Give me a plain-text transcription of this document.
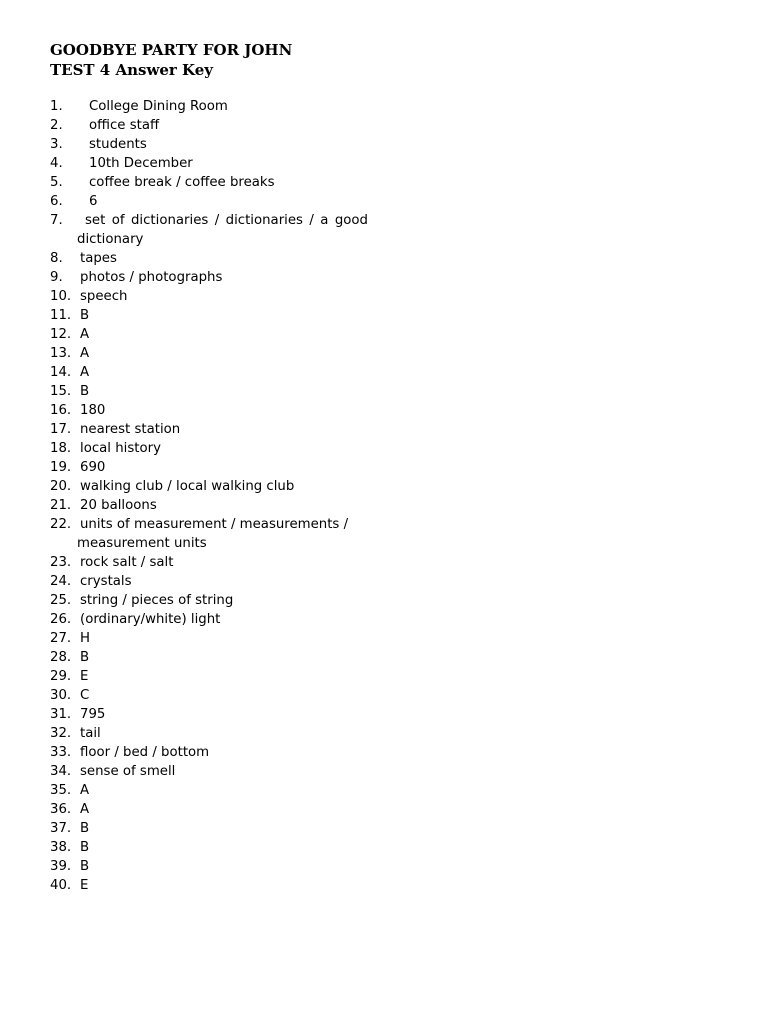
GOODBYE PARTY FOR JOHN
TEST 4 Answer Key
1. College Dining Room
2. office staff
3. students
4. 10th December
5. coffee break / coffee breaks
6. 6
7. set of dictionaries / dictionaries / a good
dictionary
8. tapes
9. photos / photographs
10. speech
11. B
12. A
13. A
14. A
15. B
16. 180
17. nearest station
18. local history
19. 690
20. walking club / local walking club
21. 20 balloons
22. units of measurement / measurements /
measurement units
23. rock salt / salt
24. crystals
25. string / pieces of string
26. (ordinary/white) light
27. H
28. B
29. E
30. C
31. 795
32. tail
33. floor / bed / bottom
34. sense of smell
35. A
36. A
37. B
38. B
39. B
40. E
